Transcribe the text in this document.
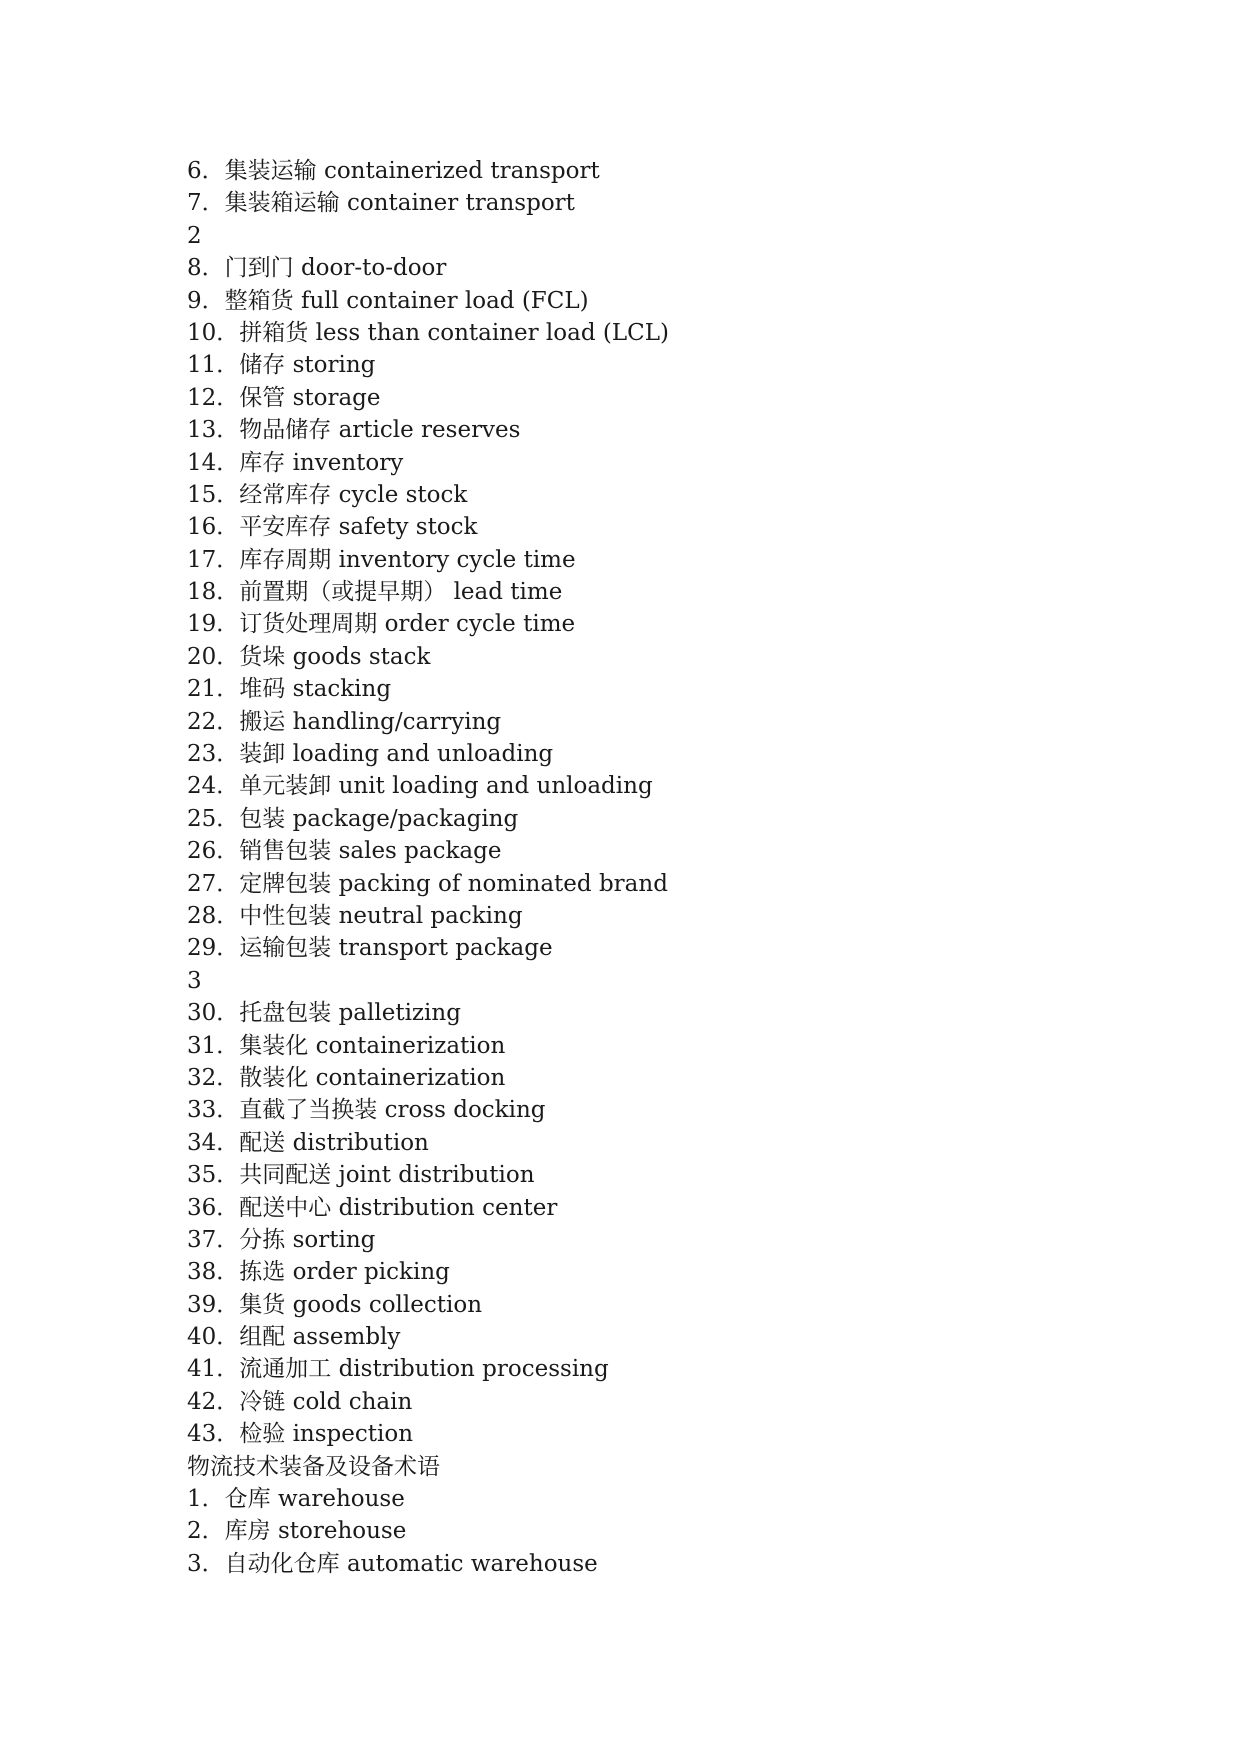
6．集装运输 containerized transport
7．集装箱运输 container transport
2
8．门到门 door-to-door
9．整箱货 full container load (FCL)
10．拼箱货 less than container load (LCL)
11．储存 storing
12．保管 storage
13．物品储存 article reserves
14．库存 inventory
15．经常库存 cycle stock
16．平安库存 safety stock
17．库存周期 inventory cycle time
18．前置期（或提早期） lead time
19．订货处理周期 order cycle time
20．货垛 goods stack
21．堆码 stacking
22．搬运 handling/carrying
23．装卸 loading and unloading
24．单元装卸 unit loading and unloading
25．包装 package/packaging
26．销售包装 sales package
27．定牌包装 packing of nominated brand
28．中性包装 neutral packing
29．运输包装 transport package
3
30．托盘包装 palletizing
31．集装化 containerization
32．散装化 containerization
33．直截了当换装 cross docking
34．配送 distribution
35．共同配送 joint distribution
36．配送中心 distribution center
37．分拣 sorting
38．拣选 order picking
39．集货 goods collection
40．组配 assembly
41．流通加工 distribution processing
42．冷链 cold chain
43．检验 inspection
物流技术装备及设备术语
1．仓库 warehouse
2．库房 storehouse
3．自动化仓库 automatic warehouse
